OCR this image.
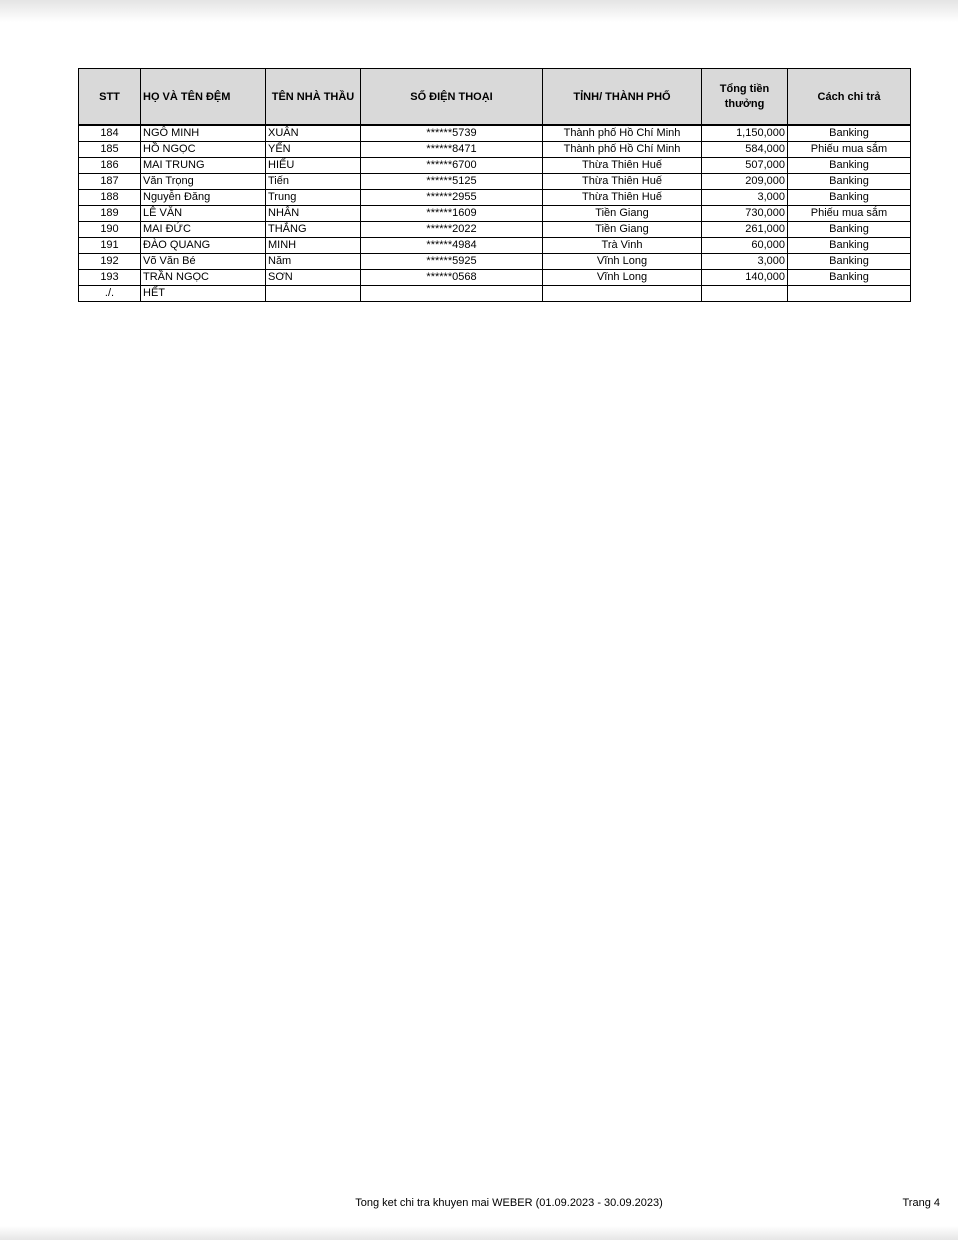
STT	HỌ VÀ TÊN ĐỆM	TÊN NHÀ THẦU	SỐ ĐIỆN THOẠI	TỈNH/ THÀNH PHỐ	Tổng tiền thưởng	Cách chi trả
184	NGÔ MINH	XUÂN	******5739	Thành phố Hồ Chí Minh	1,150,000	Banking
185	HỒ NGỌC	YẾN	******8471	Thành phố Hồ Chí Minh	584,000	Phiếu mua sắm
186	MAI TRUNG	HIẾU	******6700	Thừa Thiên Huế	507,000	Banking
187	Văn Trọng	Tiến	******5125	Thừa Thiên Huế	209,000	Banking
188	Nguyễn Đăng	Trung	******2955	Thừa Thiên Huế	3,000	Banking
189	LÊ VĂN	NHÂN	******1609	Tiền Giang	730,000	Phiếu mua sắm
190	MAI ĐỨC	THẮNG	******2022	Tiền Giang	261,000	Banking
191	ĐÀO QUANG	MINH	******4984	Trà Vinh	60,000	Banking
192	Võ Văn Bé	Năm	******5925	Vĩnh Long	3,000	Banking
193	TRẦN NGỌC	SƠN	******0568	Vĩnh Long	140,000	Banking
./.	HẾT					
Tong ket chi tra khuyen mai WEBER (01.09.2023 - 30.09.2023)	Trang 4
